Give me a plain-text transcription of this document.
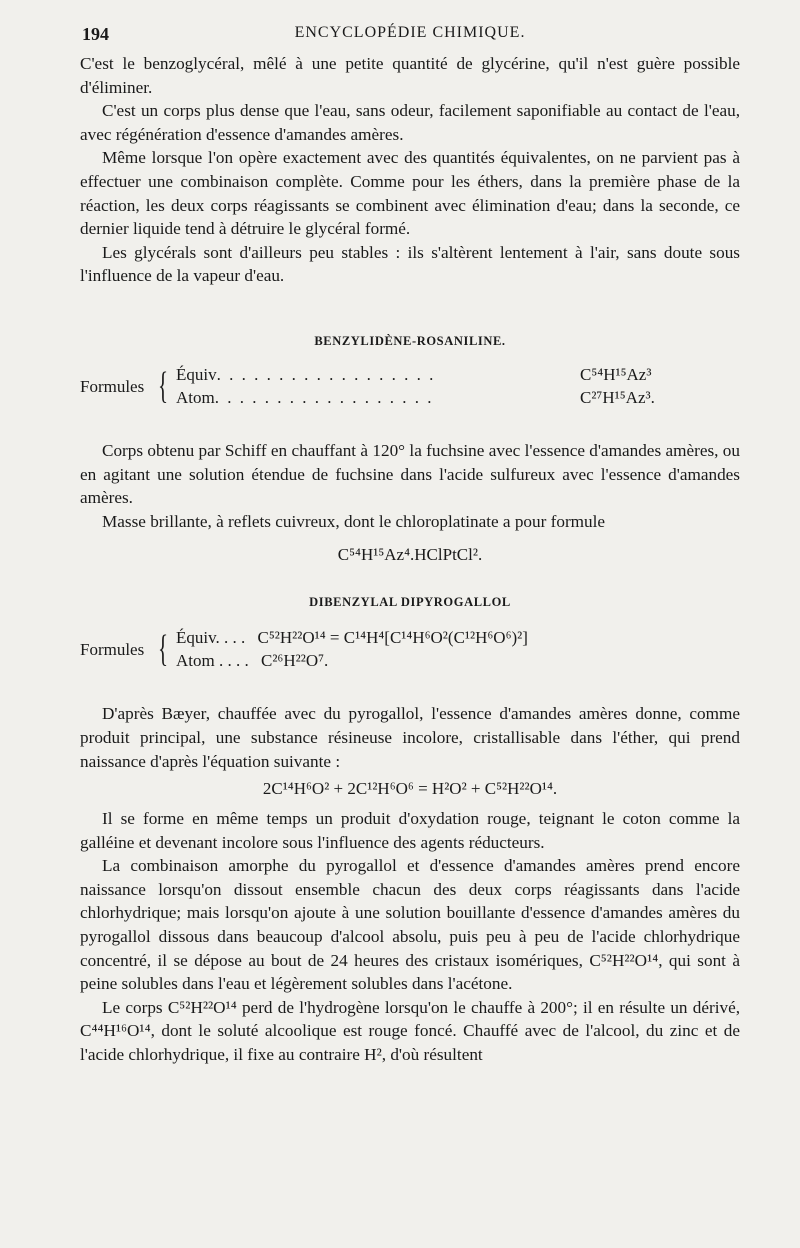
194	ENCYCLOPÉDIE CHIMIQUE.

C'est le benzoglycéral, mêlé à une petite quantité de glycérine, qu'il n'est guère possible d'éliminer.

C'est un corps plus dense que l'eau, sans odeur, facilement saponifiable au contact de l'eau, avec régénération d'essence d'amandes amères.

Même lorsque l'on opère exactement avec des quantités équivalentes, on ne parvient pas à effectuer une combinaison complète. Comme pour les éthers, dans la première phase de la réaction, les deux corps réagissants se combinent avec élimination d'eau; dans la seconde, ce dernier liquide tend à détruire le glycéral formé.

Les glycérals sont d'ailleurs peu stables : ils s'altèrent lentement à l'air, sans doute sous l'influence de la vapeur d'eau.

BENZYLIDÈNE-ROSANILINE.
Formules { Équiv. . . . . . . . . . . . . . . . . .	C⁵⁴H¹⁵Az³
Atom. . . . . . . . . . . . . . . . . .	C²⁷H¹⁵Az³.

Corps obtenu par Schiff en chauffant à 120° la fuchsine avec l'essence d'amandes amères, ou en agitant une solution étendue de fuchsine dans l'acide sulfureux avec l'essence d'amandes amères.

Masse brillante, à reflets cuivreux, dont le chloroplatinate a pour formule

C⁵⁴H¹⁵Az⁴.HClPtCl².
DIBENZYLAL DIPYROGALLOL
Formules { Équiv. . . . C⁵²H²²O¹⁴ = C¹⁴H⁴[C¹⁴H⁶O²(C¹²H⁶O⁶)²]
Atom . . . . C²⁶H²²O⁷.

D'après Bæyer, chauffée avec du pyrogallol, l'essence d'amandes amères donne, comme produit principal, une substance résineuse incolore, cristallisable dans l'éther, qui prend naissance d'après l'équation suivante :

2C¹⁴H⁶O² + 2C¹²H⁶O⁶ = H²O² + C⁵²H²²O¹⁴.

Il se forme en même temps un produit d'oxydation rouge, teignant le coton comme la galléine et devenant incolore sous l'influence des agents réducteurs.

La combinaison amorphe du pyrogallol et d'essence d'amandes amères prend encore naissance lorsqu'on dissout ensemble chacun des deux corps réagissants dans l'acide chlorhydrique; mais lorsqu'on ajoute à une solution bouillante d'essence d'amandes amères du pyrogallol dissous dans beaucoup d'alcool absolu, puis peu à peu de l'acide chlorhydrique concentré, il se dépose au bout de 24 heures des cristaux isomériques, C⁵²H²²O¹⁴, qui sont à peine solubles dans l'eau et légèrement solubles dans l'acétone.

Le corps C⁵²H²²O¹⁴ perd de l'hydrogène lorsqu'on le chauffe à 200°; il en résulte un dérivé, C⁴⁴H¹⁶O¹⁴, dont le soluté alcoolique est rouge foncé. Chauffé avec de l'alcool, du zinc et de l'acide chlorhydrique, il fixe au contraire H², d'où résultent
